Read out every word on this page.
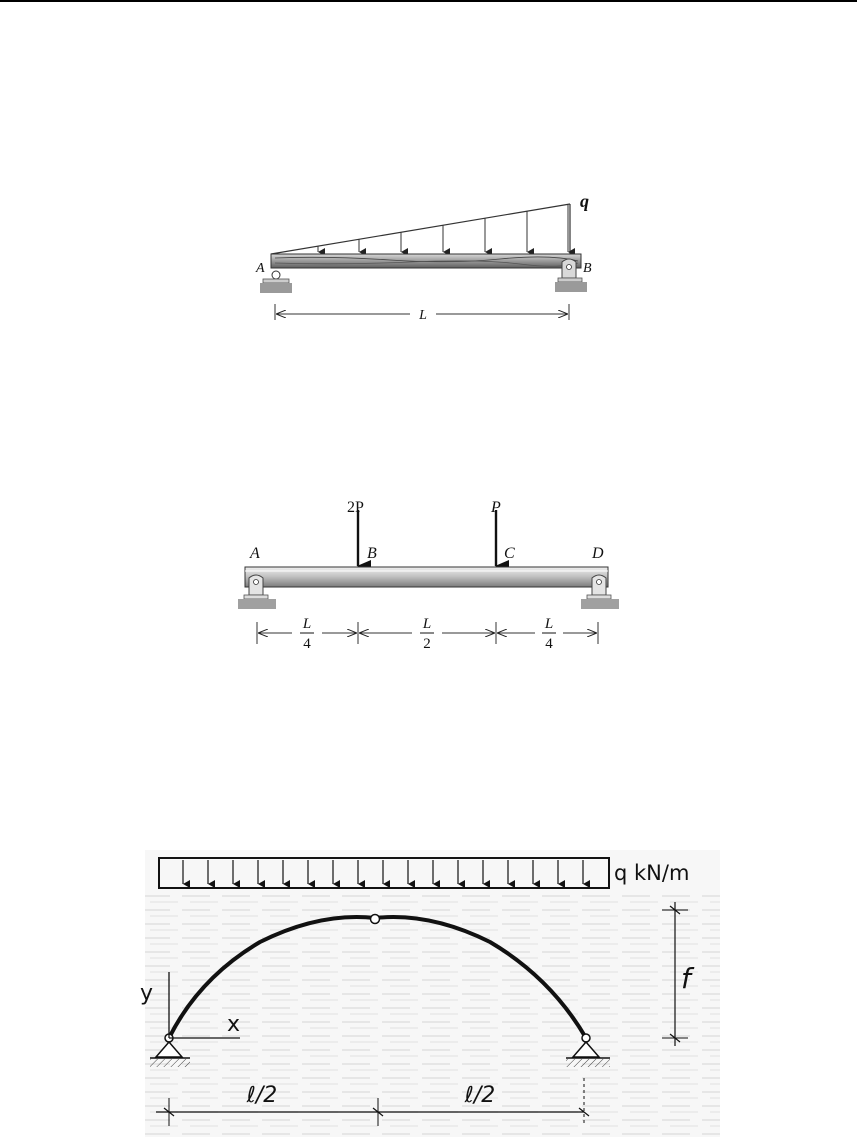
q
A	B
L
2P	P
A	B	C	D
L
4
L
2
L
4
q kN/m
y
x
f
ℓ/2	ℓ/2
